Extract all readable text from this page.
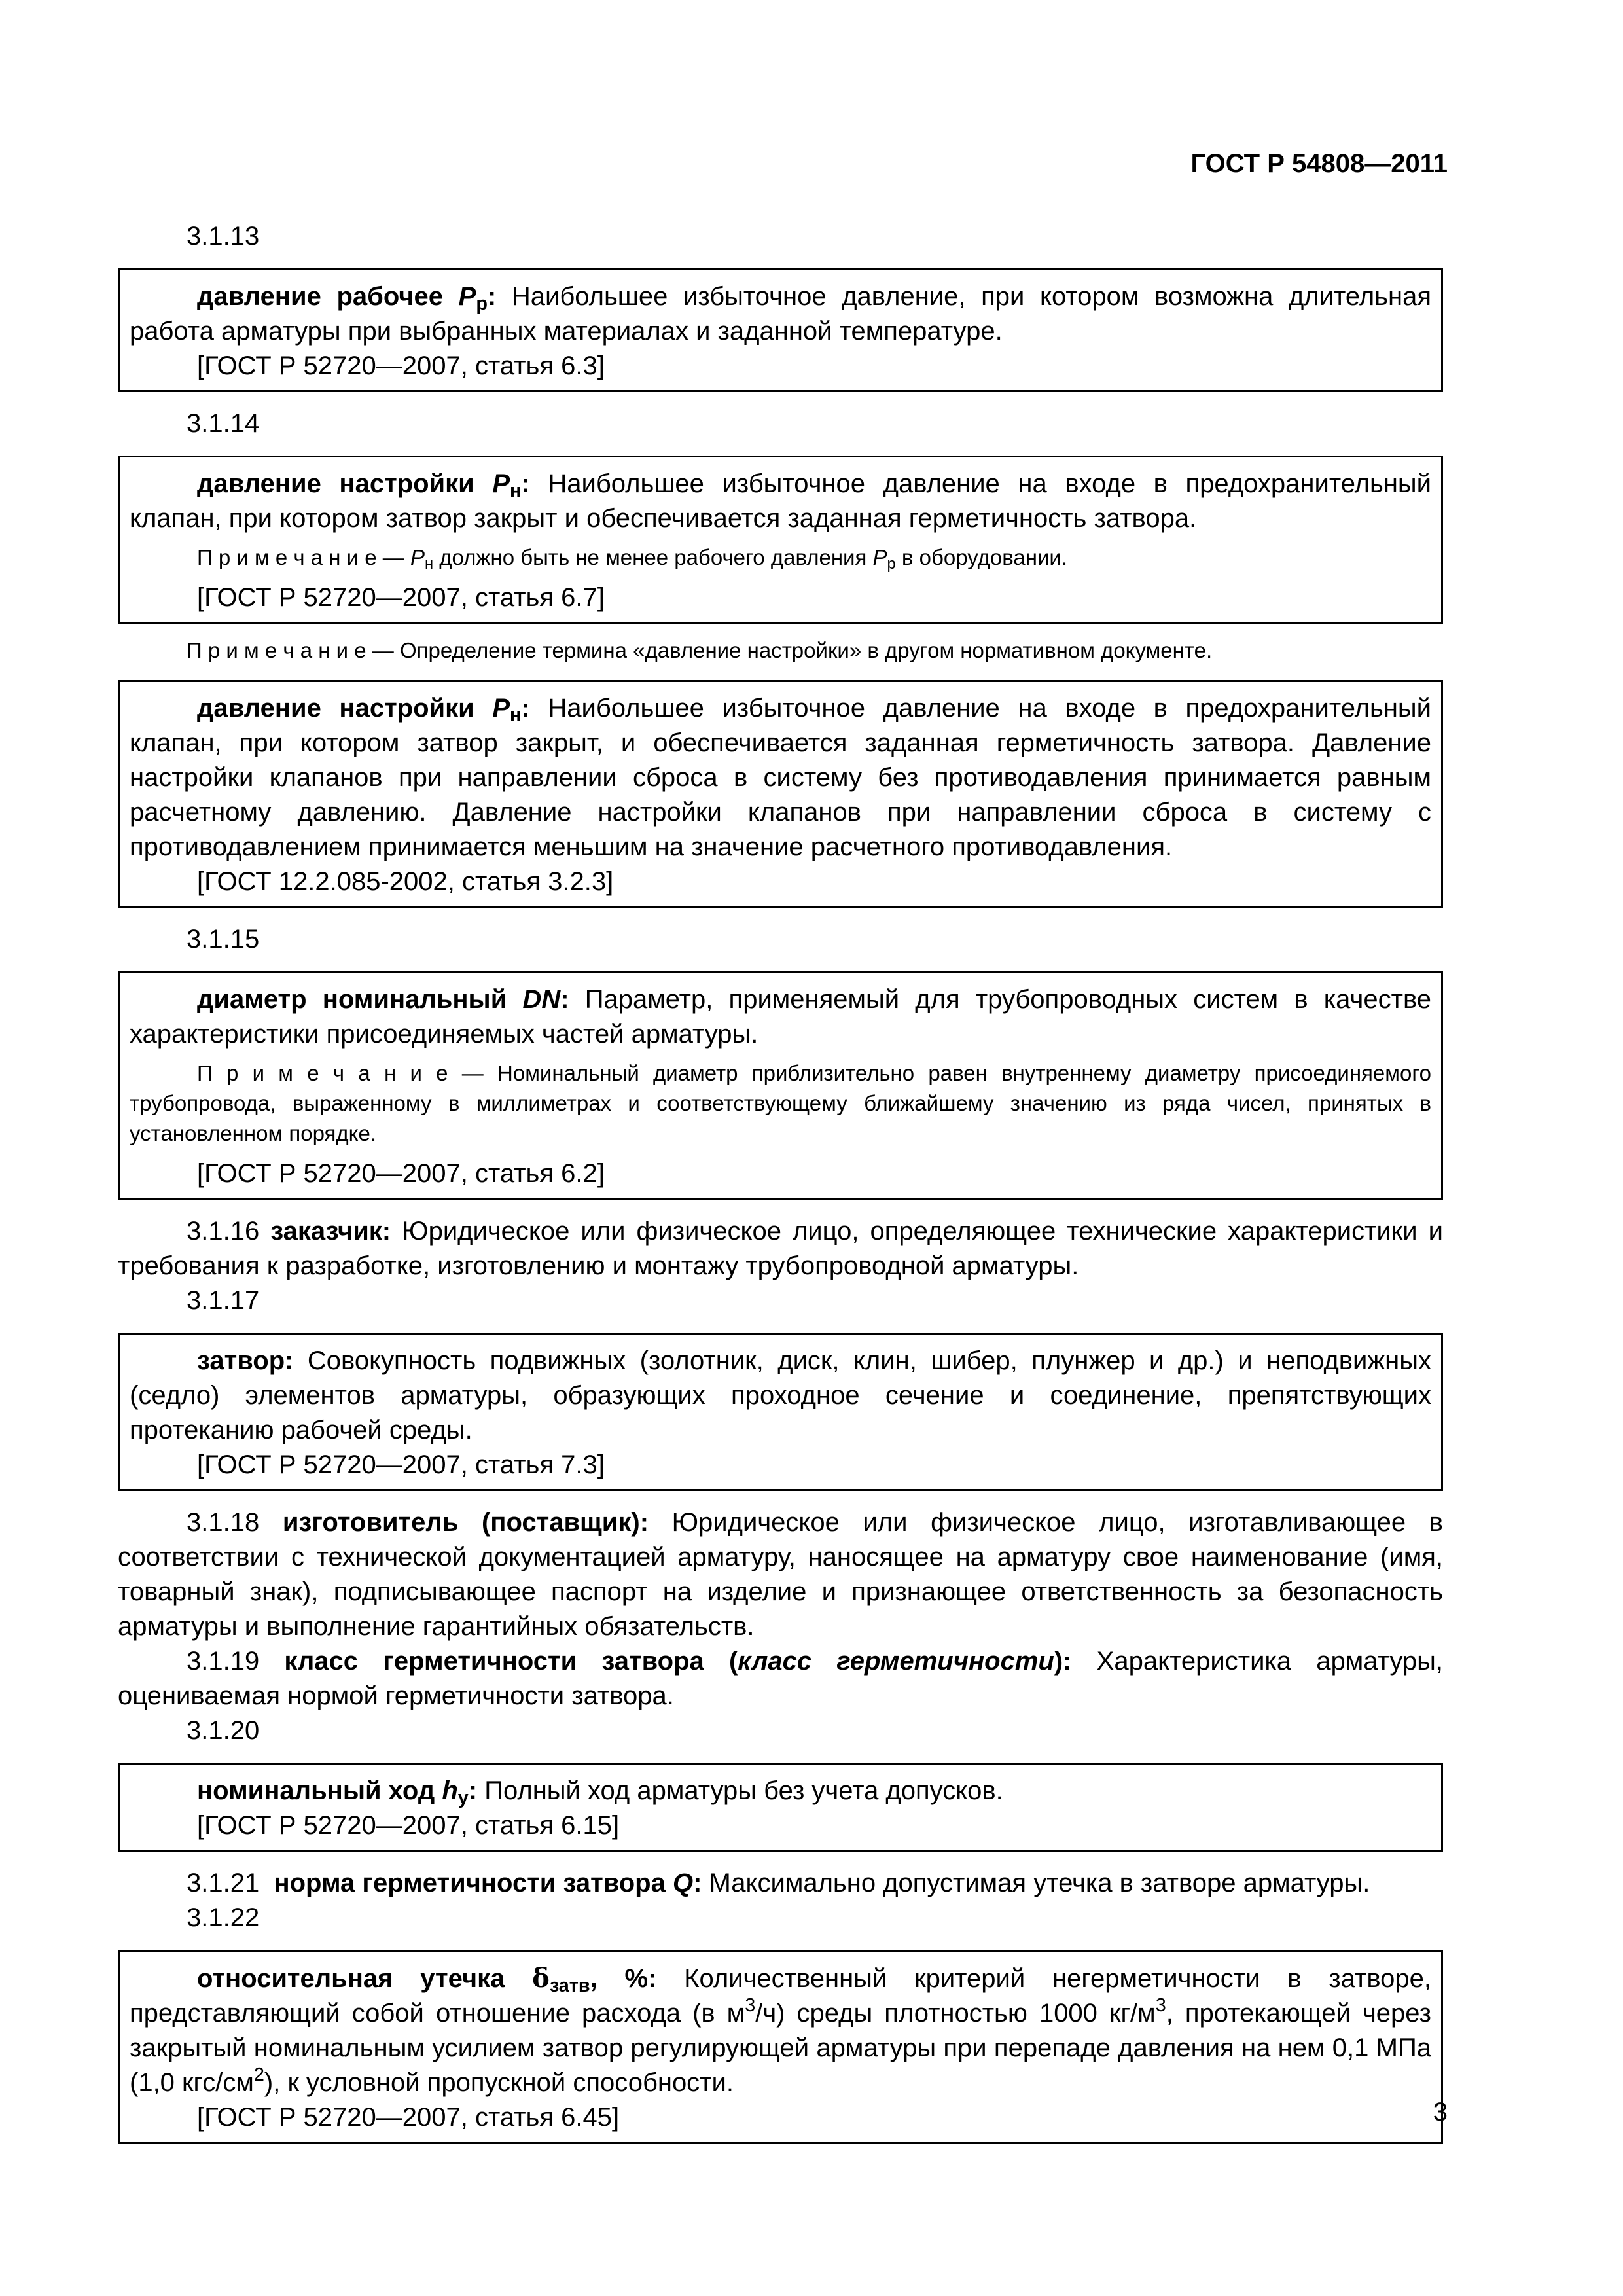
ГОСТ Р 54808—2011
3.1.13

давление рабочее $P_р$: Наибольшее избыточное давление, при котором возможна длительная работа арматуры при выбранных материалах и заданной температуре.

[ГОСТ Р 52720—2007, статья 6.3]

3.1.14

давление настройки $P_н$: Наибольшее избыточное давление на входе в предохранительный клапан, при котором затвор закрыт и обеспечивается заданная герметичность затвора.

П р и м е ч а н и е — $P_н$ должно быть не менее рабочего давления $P_р$ в оборудовании.

[ГОСТ Р 52720—2007, статья 6.7]

П р и м е ч а н и е — Определение термина «давление настройки» в другом нормативном документе.

давление настройки $P_н$: Наибольшее избыточное давление на входе в предохранительный клапан, при котором затвор закрыт, и обеспечивается заданная герметичность затвора. Давление настройки клапанов при направлении сброса в систему без противодавления принимается равным расчетному давлению. Давление настройки клапанов при направлении сброса в систему с противодавлением принимается меньшим на значение расчетного противодавления.

[ГОСТ 12.2.085-2002, статья 3.2.3]

3.1.15

диаметр номинальный DN: Параметр, применяемый для трубопроводных систем в качестве характеристики присоединяемых частей арматуры.

П р и м е ч а н и е — Номинальный диаметр приблизительно равен внутреннему диаметру присоединяемого трубопровода, выраженному в миллиметрах и соответствующему ближайшему значению из ряда чисел, принятых в установленном порядке.

[ГОСТ Р 52720—2007, статья 6.2]

3.1.16 заказчик: Юридическое или физическое лицо, определяющее технические характеристики и требования к разработке, изготовлению и монтажу трубопроводной арматуры.

3.1.17

затвор: Совокупность подвижных (золотник, диск, клин, шибер, плунжер и др.) и неподвижных (седло) элементов арматуры, образующих проходное сечение и соединение, препятствующих протеканию рабочей среды.

[ГОСТ Р 52720—2007, статья 7.3]

3.1.18 изготовитель (поставщик): Юридическое или физическое лицо, изготавливающее в соответствии с технической документацией арматуру, наносящее на арматуру свое наименование (имя, товарный знак), подписывающее паспорт на изделие и признающее ответственность за безопасность арматуры и выполнение гарантийных обязательств.

3.1.19 класс герметичности затвора (класс герметичности): Характеристика арматуры, оцениваемая нормой герметичности затвора.

3.1.20

номинальный ход $h_у$: Полный ход арматуры без учета допусков.

[ГОСТ Р 52720—2007, статья 6.15]

3.1.21  норма герметичности затвора Q: Максимально допустимая утечка в затворе арматуры.

3.1.22

относительная утечка $\delta_{затв}$, %: Количественный критерий негерметичности в затворе, представляющий собой отношение расхода (в $м^3/ч$) среды плотностью 1000 $кг/м^3$, протекающей через закрытый номинальным усилием затвор регулирующей арматуры при перепаде давления на нем 0,1 МПа (1,0 кгс/$см^2$), к условной пропускной способности.

[ГОСТ Р 52720—2007, статья 6.45]	3
